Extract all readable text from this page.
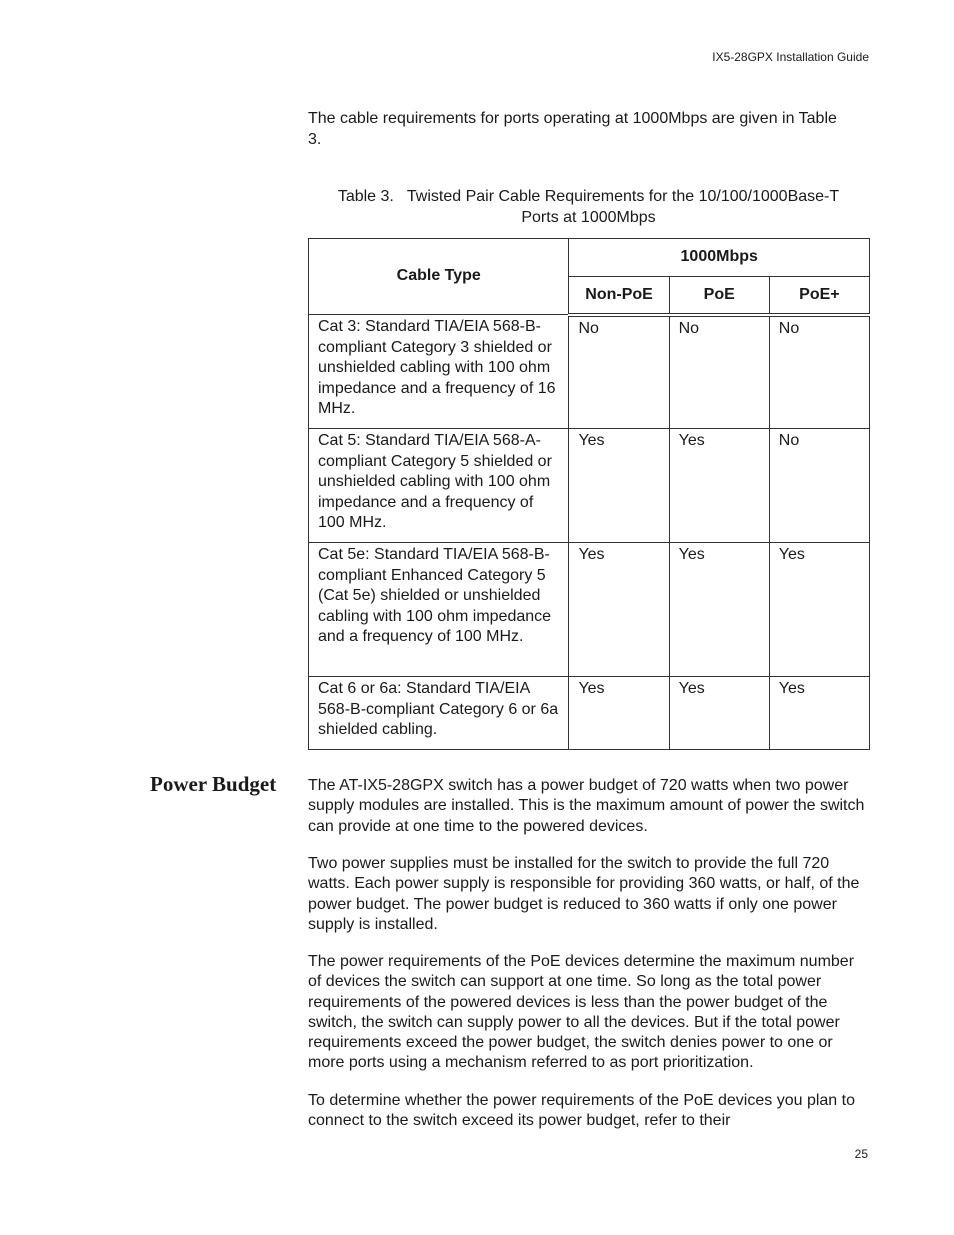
IX5-28GPX Installation Guide

The cable requirements for ports operating at 1000Mbps are given in Table 3.

Table 3.   Twisted Pair Cable Requirements for the 10/100/1000Base-T
Ports at 1000Mbps
Cable Type	1000Mbps		
	Non-PoE	PoE	PoE+
Cat 3: Standard TIA/EIA 568-B-compliant Category 3 shielded or unshielded cabling with 100 ohm impedance and a frequency of 16 MHz.	No	No	No
Cat 5: Standard TIA/EIA 568-A-compliant Category 5 shielded or unshielded cabling with 100 ohm impedance and a frequency of 100 MHz.	Yes	Yes	No
Cat 5e: Standard TIA/EIA 568-B-compliant Enhanced Category 5 (Cat 5e) shielded or unshielded cabling with 100 ohm impedance and a frequency of 100 MHz.	Yes	Yes	Yes
Cat 6 or 6a: Standard TIA/EIA 568-B-compliant Category 6 or 6a shielded cabling.	Yes	Yes	Yes
Power Budget The AT-IX5-28GPX switch has a power budget of 720 watts when two power supply modules are installed. This is the maximum amount of power the switch can provide at one time to the powered devices.

Two power supplies must be installed for the switch to provide the full 720 watts. Each power supply is responsible for providing 360 watts, or half, of the power budget. The power budget is reduced to 360 watts if only one power supply is installed.

The power requirements of the PoE devices determine the maximum number of devices the switch can support at one time. So long as the total power requirements of the powered devices is less than the power budget of the switch, the switch can supply power to all the devices. But if the total power requirements exceed the power budget, the switch denies power to one or more ports using a mechanism referred to as port prioritization.

To determine whether the power requirements of the PoE devices you plan to connect to the switch exceed its power budget, refer to their

25
